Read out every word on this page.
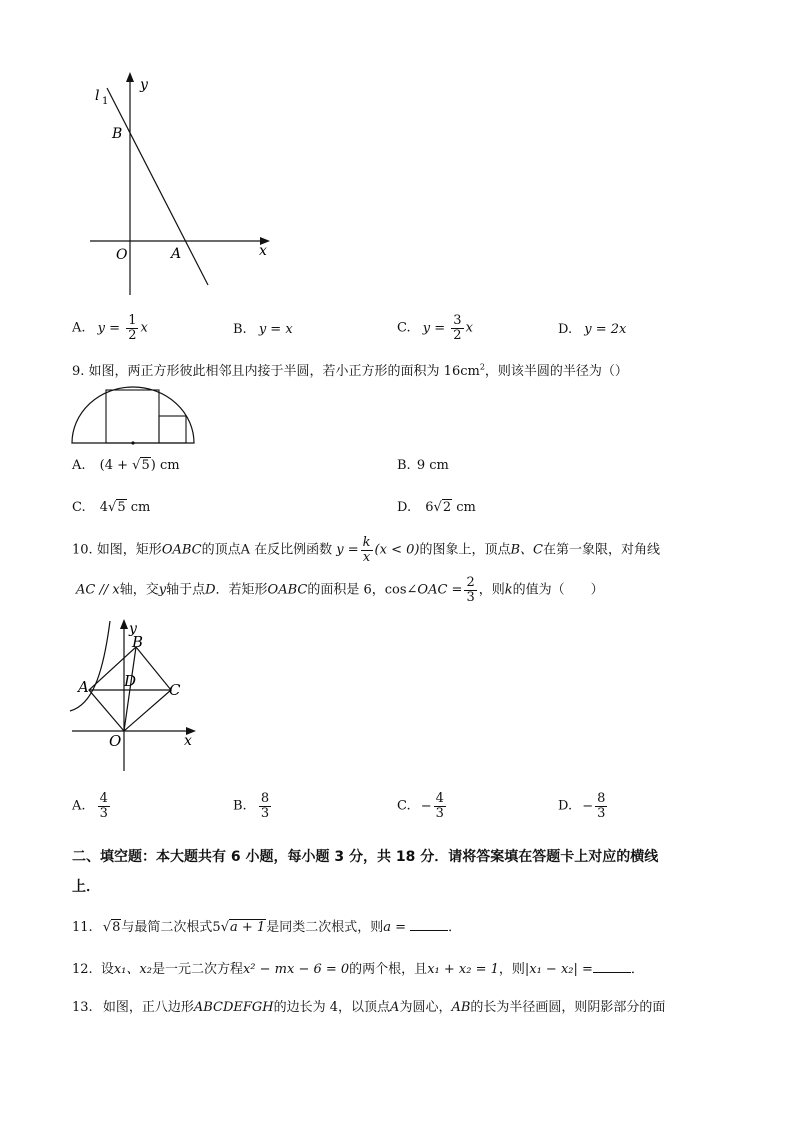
l 1
y
B
O	A	x
A. $y = \frac{1}{2}$ x	B. y = x	C. $y = \frac{3}{2}$ x	D. y = 2x
9. 如图，两正方形彼此相邻且内接于半圆，若小正方形的面积为 $16cm^2$，则该半圆的半径为（）
A. (4 + √5) cm	B. 9 cm
C. 4√5 cm	D. 6√2 cm
10. 如图，矩形OABC的顶点A 在反比例函数 $y = \frac{k}{x} (x < 0)$的图象上，顶点B、C在第一象限，对角线
AC // x轴，交y轴于点D．若矩形OABC的面积是 6，cos∠OAC = $\frac{2}{3}$ ，则k的值为（　　）
y
B
A D C
O	x
A. $\frac{4}{3}$	B. $\frac{8}{3}$	C. − $\frac{4}{3}$	D. − $\frac{8}{3}$
二、填空题：本大题共有 6 小题，每小题 3 分，共 18 分．请将答案填在答题卡上对应的横线
上．
11. √8与最简二次根式5√a + 1是同类二次根式，则a =	．
12. 设x₁、x₂是一元二次方程x² − mx − 6 = 0的两个根，且x₁ + x₂ = 1，则|x₁ − x₂| =	．
13. 如图，正八边形ABCDEFGH的边长为 4，以顶点A为圆心，AB的长为半径画圆，则阴影部分的面
